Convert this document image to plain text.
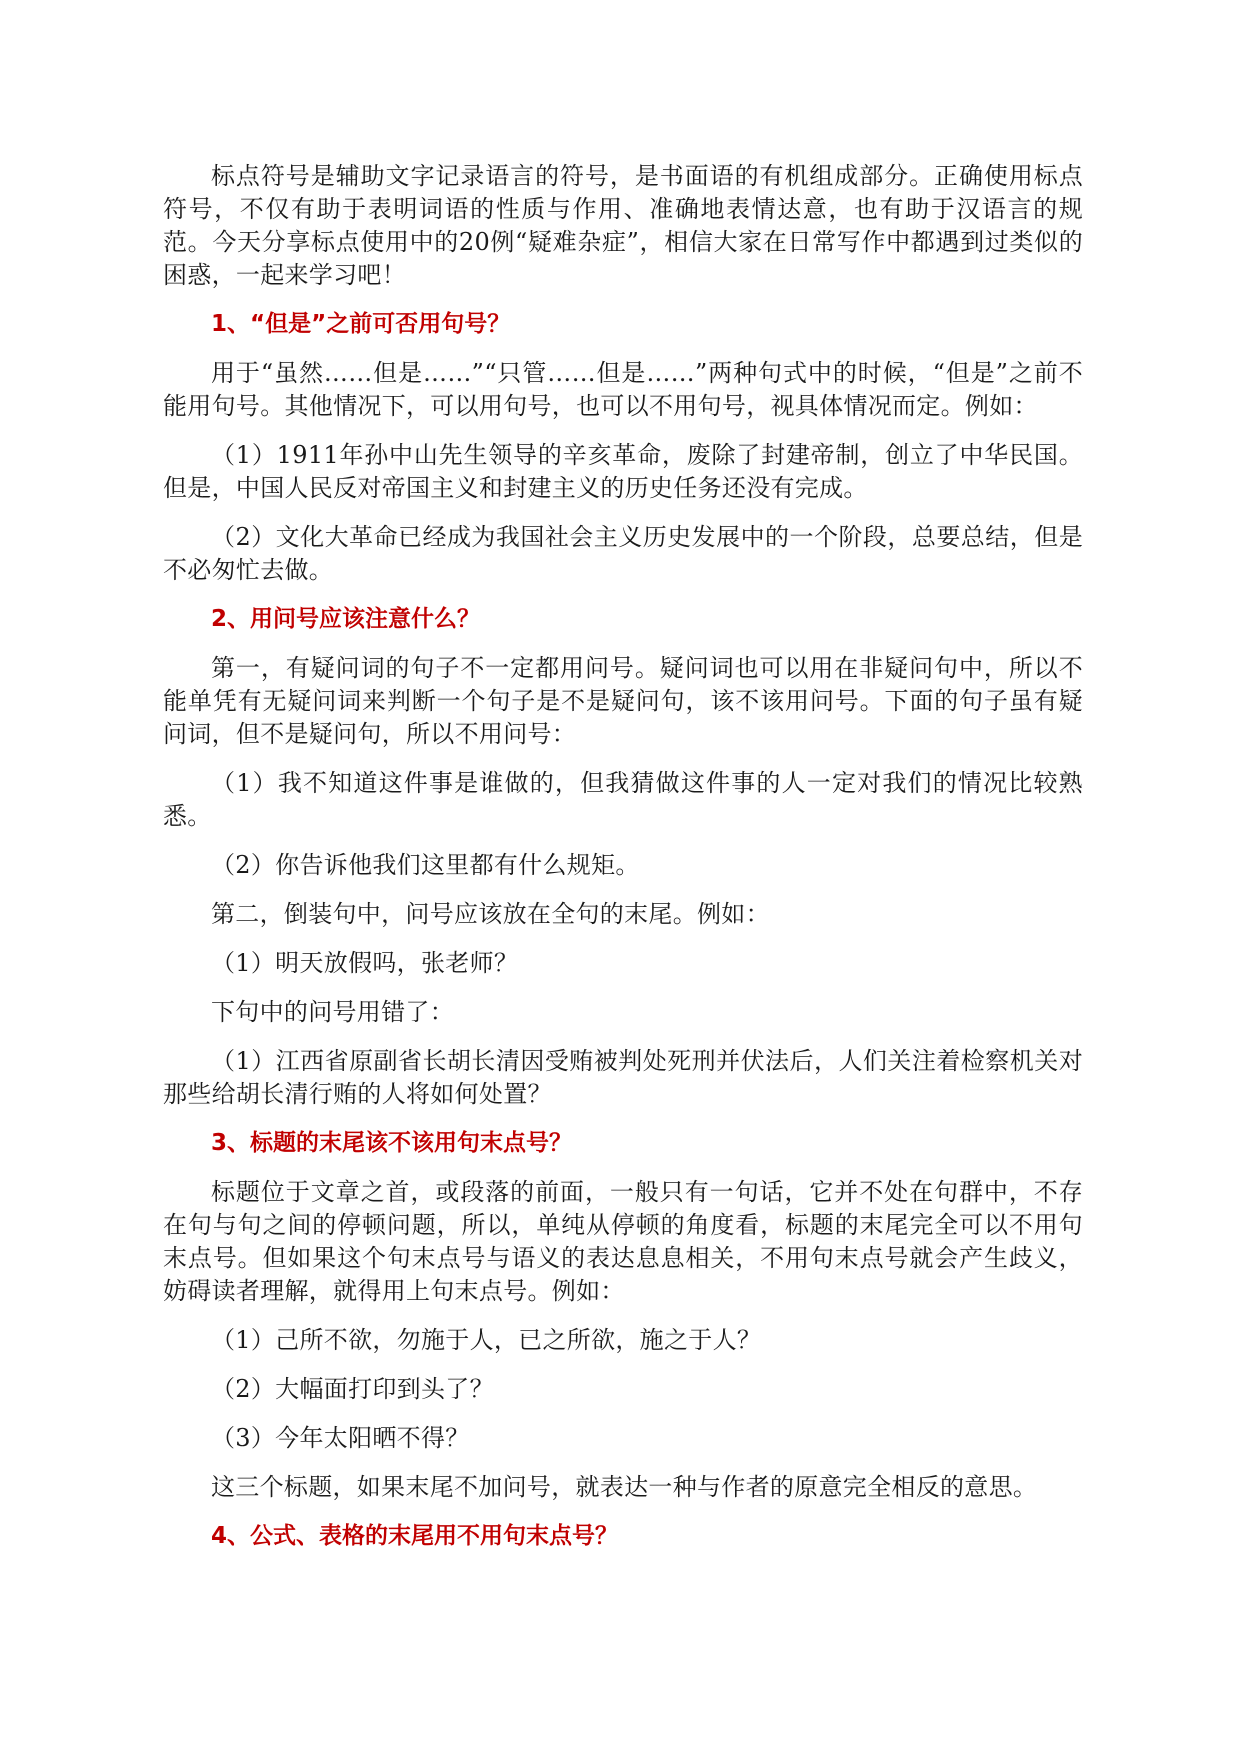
标点符号是辅助文字记录语言的符号，是书面语的有机组成部分。正确使用标点符号，不仅有助于表明词语的性质与作用、准确地表情达意，也有助于汉语言的规范。今天分享标点使用中的20例“疑难杂症”，相信大家在日常写作中都遇到过类似的困惑，一起来学习吧！

1、“但是”之前可否用句号？

用于“虽然……但是……”“只管……但是……”两种句式中的时候，“但是”之前不能用句号。其他情况下，可以用句号，也可以不用句号，视具体情况而定。例如：

（1）1911年孙中山先生领导的辛亥革命，废除了封建帝制，创立了中华民国。但是，中国人民反对帝国主义和封建主义的历史任务还没有完成。

（2）文化大革命已经成为我国社会主义历史发展中的一个阶段，总要总结，但是不必匆忙去做。

2、用问号应该注意什么？

第一，有疑问词的句子不一定都用问号。疑问词也可以用在非疑问句中，所以不能单凭有无疑问词来判断一个句子是不是疑问句，该不该用问号。下面的句子虽有疑问词，但不是疑问句，所以不用问号：

（1）我不知道这件事是谁做的，但我猜做这件事的人一定对我们的情况比较熟悉。

（2）你告诉他我们这里都有什么规矩。

第二，倒装句中，问号应该放在全句的末尾。例如：

（1）明天放假吗，张老师？

下句中的问号用错了：

（1）江西省原副省长胡长清因受贿被判处死刑并伏法后，人们关注着检察机关对那些给胡长清行贿的人将如何处置？

3、标题的末尾该不该用句末点号？

标题位于文章之首，或段落的前面，一般只有一句话，它并不处在句群中，不存在句与句之间的停顿问题，所以，单纯从停顿的角度看，标题的末尾完全可以不用句末点号。但如果这个句末点号与语义的表达息息相关，不用句末点号就会产生歧义，妨碍读者理解，就得用上句末点号。例如：

（1）己所不欲，勿施于人，已之所欲，施之于人？

（2）大幅面打印到头了？

（3）今年太阳晒不得？

这三个标题，如果末尾不加问号，就表达一种与作者的原意完全相反的意思。

4、公式、表格的末尾用不用句末点号？
